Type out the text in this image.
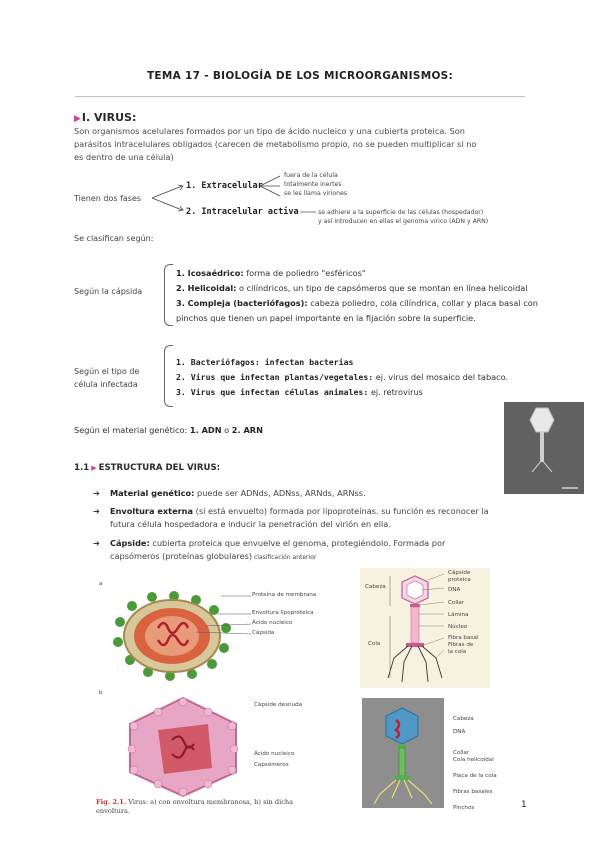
TEMA 17 - BIOLOGÍA DE LOS MICROORGANISMOS:
▶I. VIRUS:
Son organismos acelulares formados por un tipo de ácido nucleico y una cubierta proteica. Son
parásitos intracelulares obligados (carecen de metabolismo propio, no se pueden multiplicar si no
es dentro de una célula)
Tienen dos fases
1. Extracelular
fuera de la célula
totalmente inertes
se les llama viriones
2. Intracelular activa	se adhiere a la superficie de las células (hospedador)
y así introducen en ellas el genoma vírico (ADN y ARN)
Se clasifican según:
Según la cápsida
1. Icosaédrico: forma de poliedro "esféricos"
2. Helicoidal: o cilíndricos, un tipo de capsómeros que se montan en línea helicoidal
3. Compleja (bacteriófagos): cabeza poliedro, cola cilíndrica, collar y placa basal con
pinchos que tienen un papel importante en la fijación sobre la superficie.
Según el tipo de
célula infectada
1. Bacteriófagos: infectan bacterias
2. Virus que infectan plantas/vegetales: ej. virus del mosaico del tabaco.
3. Virus que infectan células animales: ej. retrovirus
Según el material genético: 1. ADN o 2. ARN
1.1 ▶ ESTRUCTURA DEL VIRUS:
➔ Material genético: puede ser ADNds, ADNss, ARNds, ARNss.
➔ Envoltura externa (si está envuelto) formada por lipoproteínas. su función es reconocer la
futura célula hospedadora e inducir la penetración del virión en ella.
➔ Cápside: cubierta proteica que envuelve el genoma, protegiéndolo. Formada por
capsómeros (proteínas globulares) clasificación anterior
a
Proteína de membrana
Envoltura lipoproteica
Ácido nucleico
Cápsida
b
Cápside desnuda
Ácido nucleico
Capsómeros
Fig. 2.1. Virus: a) con envoltura membranosa, b) sin dicha
envoltura.
Cabeza
Cola
Cápside
proteica
DNA
Collar
Lámina
Núcleo
Fibra basal
Fibras de
la cola
Cabeza
DNA
Collar
Cola helicoidal
Placa de la cola
Fibras basales
Pinchos	1
